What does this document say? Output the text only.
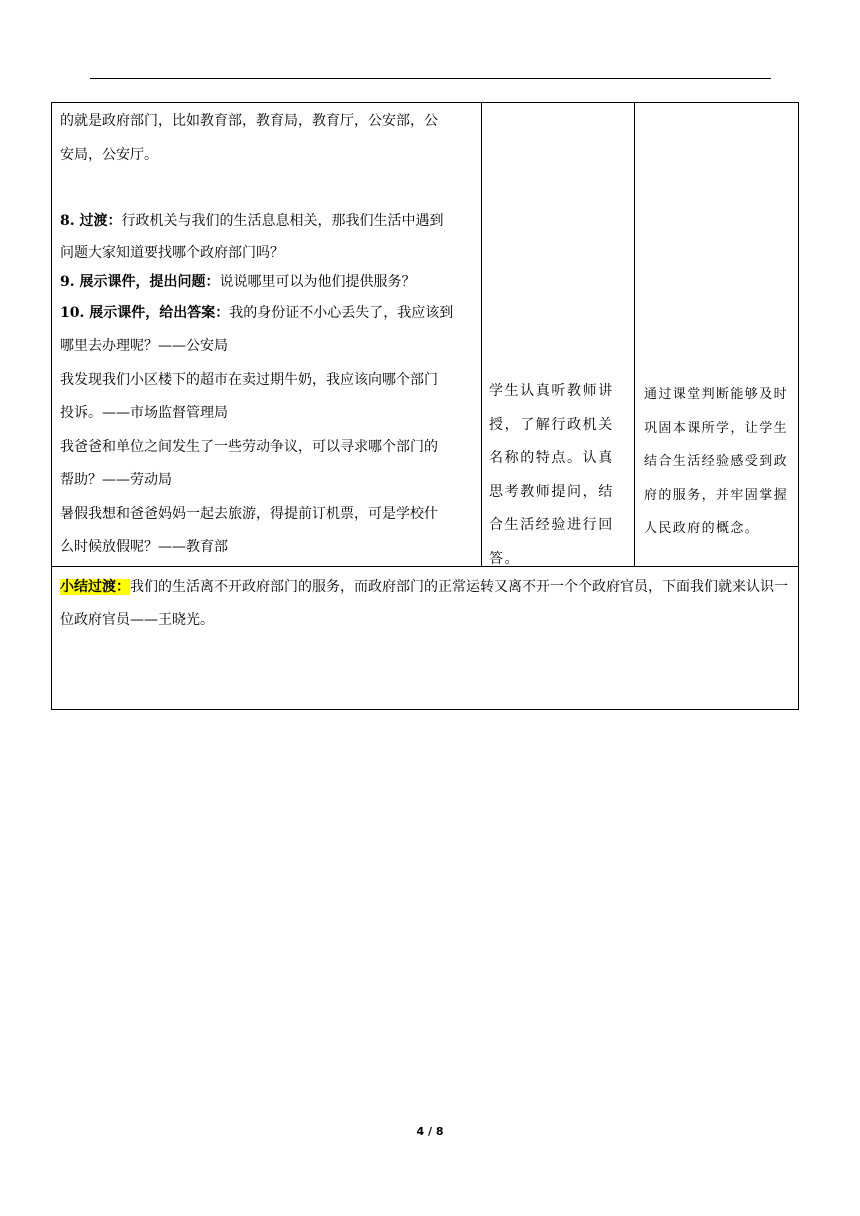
的就是政府部门，比如教育部，教育局，教育厅，公安部，公

安局，公安厅。

8. 过渡：行政机关与我们的生活息息相关，那我们生活中遇到

问题大家知道要找哪个政府部门吗？

9. 展示课件，提出问题：说说哪里可以为他们提供服务？

10. 展示课件，给出答案：我的身份证不小心丢失了，我应该到

哪里去办理呢？——公安局

我发现我们小区楼下的超市在卖过期牛奶，我应该向哪个部门

投诉。——市场监督管理局

我爸爸和单位之间发生了一些劳动争议，可以寻求哪个部门的

帮助？——劳动局

暑假我想和爸爸妈妈一起去旅游，得提前订机票，可是学校什

么时候放假呢？——教育部

学生认真听教师讲授，了解行政机关名称的特点。认真思考教师提问，结合生活经验进行回答。
通过课堂判断能够及时巩固本课所学，让学生结合生活经验感受到政府的服务，并牢固掌握人民政府的概念。
小结过渡：我们的生活离不开政府部门的服务，而政府部门的正常运转又离不开一个个政府官员，下面我们就来认识一位政府官员——王晓光。
4 / 8
